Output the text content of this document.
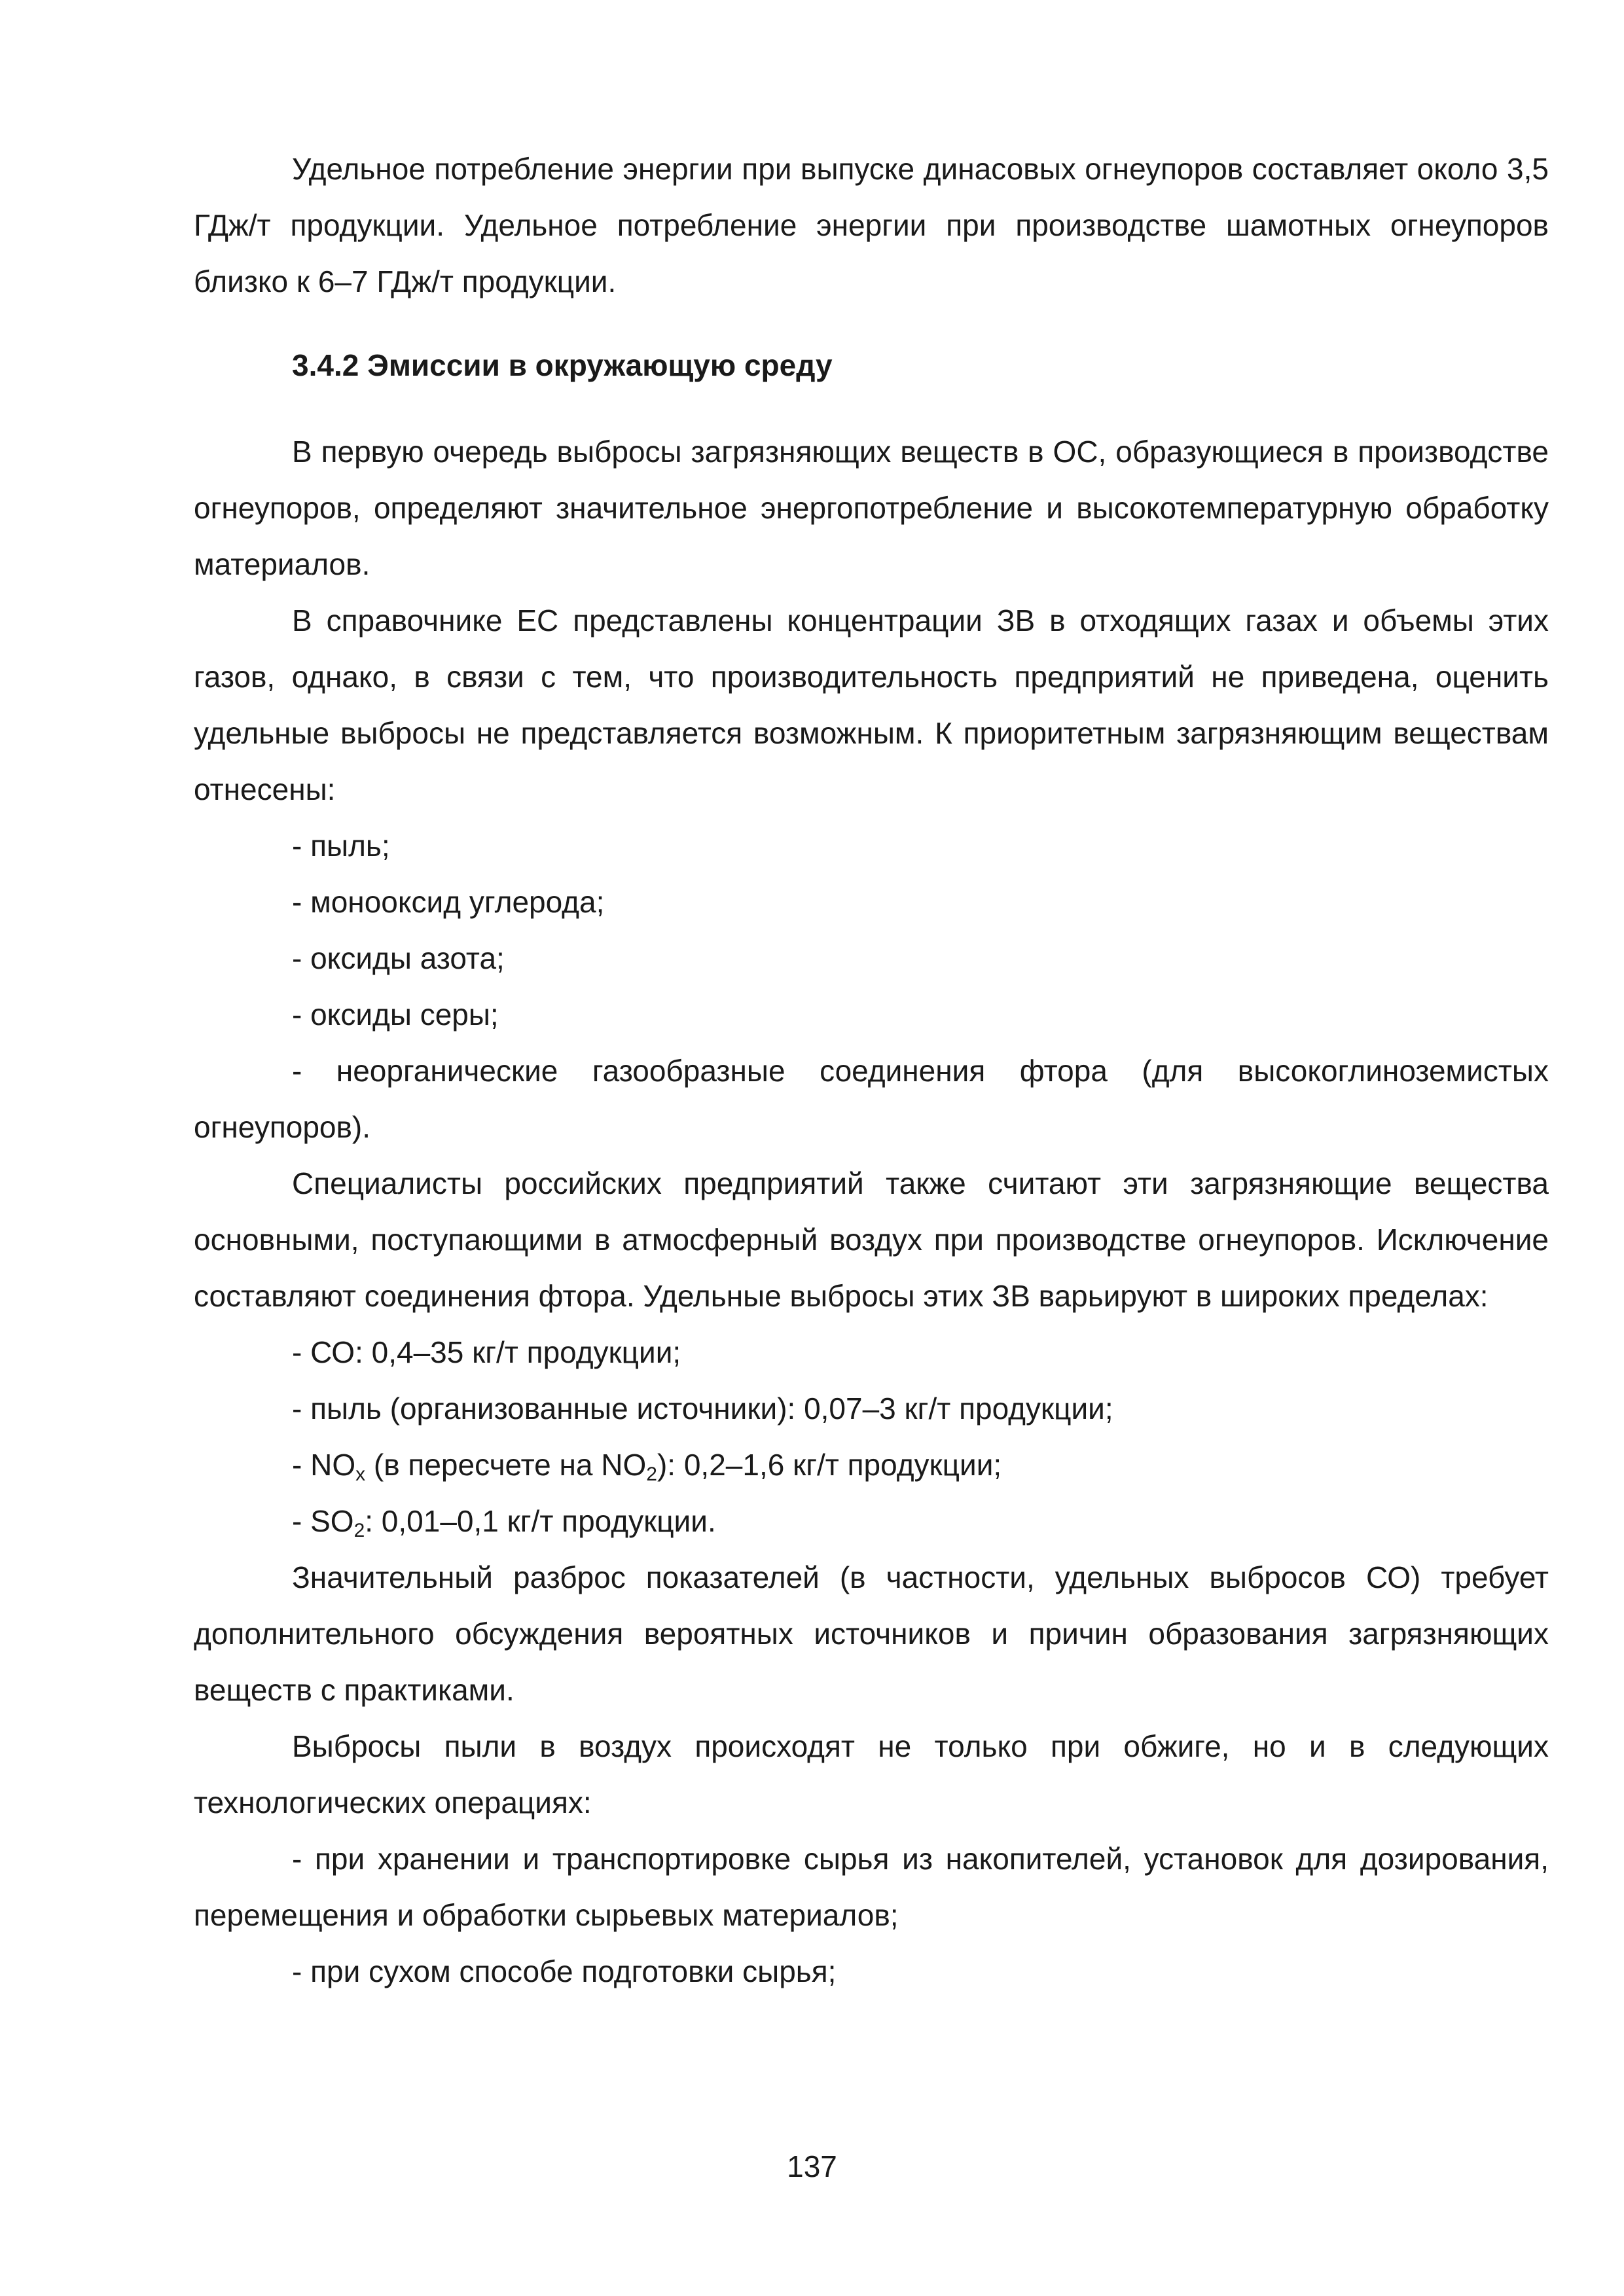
Удельное потребление энергии при выпуске динасовых огнеупоров составляет около 3,5 ГДж/т продукции. Удельное потребление энергии при производстве шамотных огнеупоров близко к 6–7 ГДж/т продукции.

3.4.2 Эмиссии в окружающую среду

В первую очередь выбросы загрязняющих веществ в ОС, образующиеся в производстве огнеупоров, определяют значительное энергопотребление и высокотемпературную обработку материалов.

В справочнике ЕС представлены концентрации ЗВ в отходящих газах и объемы этих газов, однако, в связи с тем, что производительность предприятий не приведена, оценить удельные выбросы не представляется возможным. К приоритетным загрязняющим веществам отнесены:

- пыль;

- монооксид углерода;

- оксиды азота;

- оксиды серы;

- неорганические газообразные соединения фтора (для высокоглиноземистых огнеупоров).

Специалисты российских предприятий также считают эти загрязняющие вещества основными, поступающими в атмосферный воздух при производстве огнеупоров. Исключение составляют соединения фтора. Удельные выбросы этих ЗВ варьируют в широких пределах:

- СО: 0,4–35 кг/т продукции;

- пыль (организованные источники): 0,07–3 кг/т продукции;

- $NO_x$ (в пересчете на $NO_2$): 0,2–1,6 кг/т продукции;

- $SO_2$: 0,01–0,1 кг/т продукции.

Значительный разброс показателей (в частности, удельных выбросов СО) требует дополнительного обсуждения вероятных источников и причин образования загрязняющих веществ с практиками.

Выбросы пыли в воздух происходят не только при обжиге, но и в следующих технологических операциях:

- при хранении и транспортировке сырья из накопителей, установок для дозирования, перемещения и обработки сырьевых материалов;

- при сухом способе подготовки сырья;

137
